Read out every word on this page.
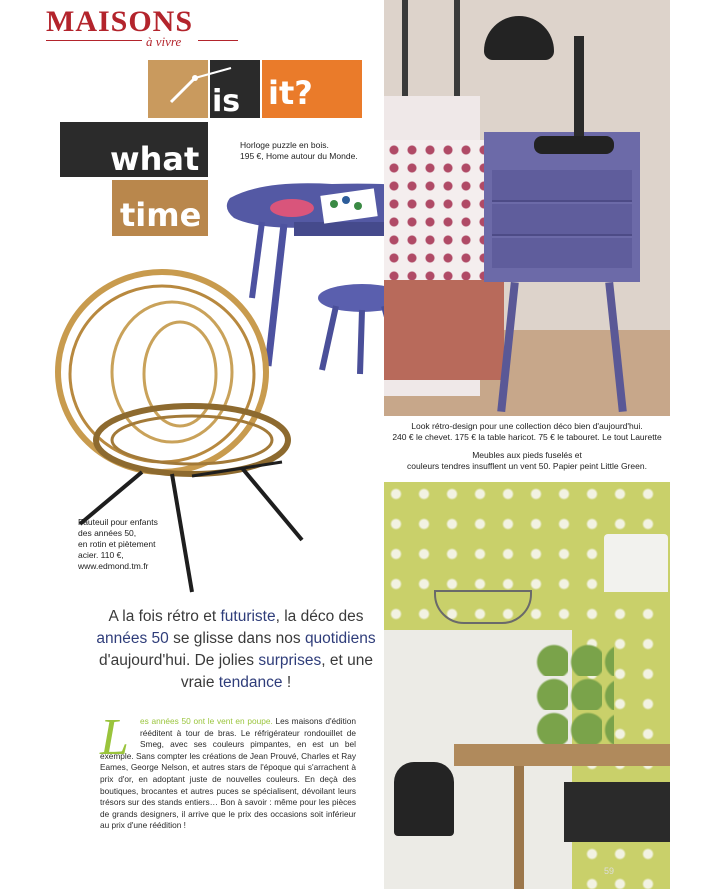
MAISONS
à vivre
is it?
what
time
Horloge puzzle en bois.
195 €, Home autour du Monde.
Fauteuil pour enfants
des années 50,
en rotin et piètement
acier. 110 €,
www.edmond.tm.fr
Look rétro-design pour une collection déco bien d'aujourd'hui.
240 € le chevet. 175 € la table haricot. 75 € le tabouret. Le tout Laurette
Meubles aux pieds fuselés et
couleurs tendres insufflent un vent 50. Papier peint Little Green.
A la fois rétro et futuriste, la déco des années 50 se glisse dans nos quotidiens d'aujourd'hui. De jolies surprises, et une vraie tendance !
L	es années 50 ont le vent en poupe. Les maisons d'édition rééditent à tour de bras. Le réfrigérateur rondouillet de Smeg, avec ses couleurs pimpantes, en est un bel exemple. Sans compter les créations de Jean Prouvé, Charles et Ray Eames, George Nelson, et autres stars de l'époque qui s'arrachent à prix d'or, en adoptant juste de nouvelles couleurs. En deçà des boutiques, brocantes et autres puces se spécialisent, dévoilant leurs trésors sur des stands entiers… Bon à savoir : même pour les pièces de grands designers, il arrive que le prix des occasions soit inférieur au prix d'une réédition !
59
